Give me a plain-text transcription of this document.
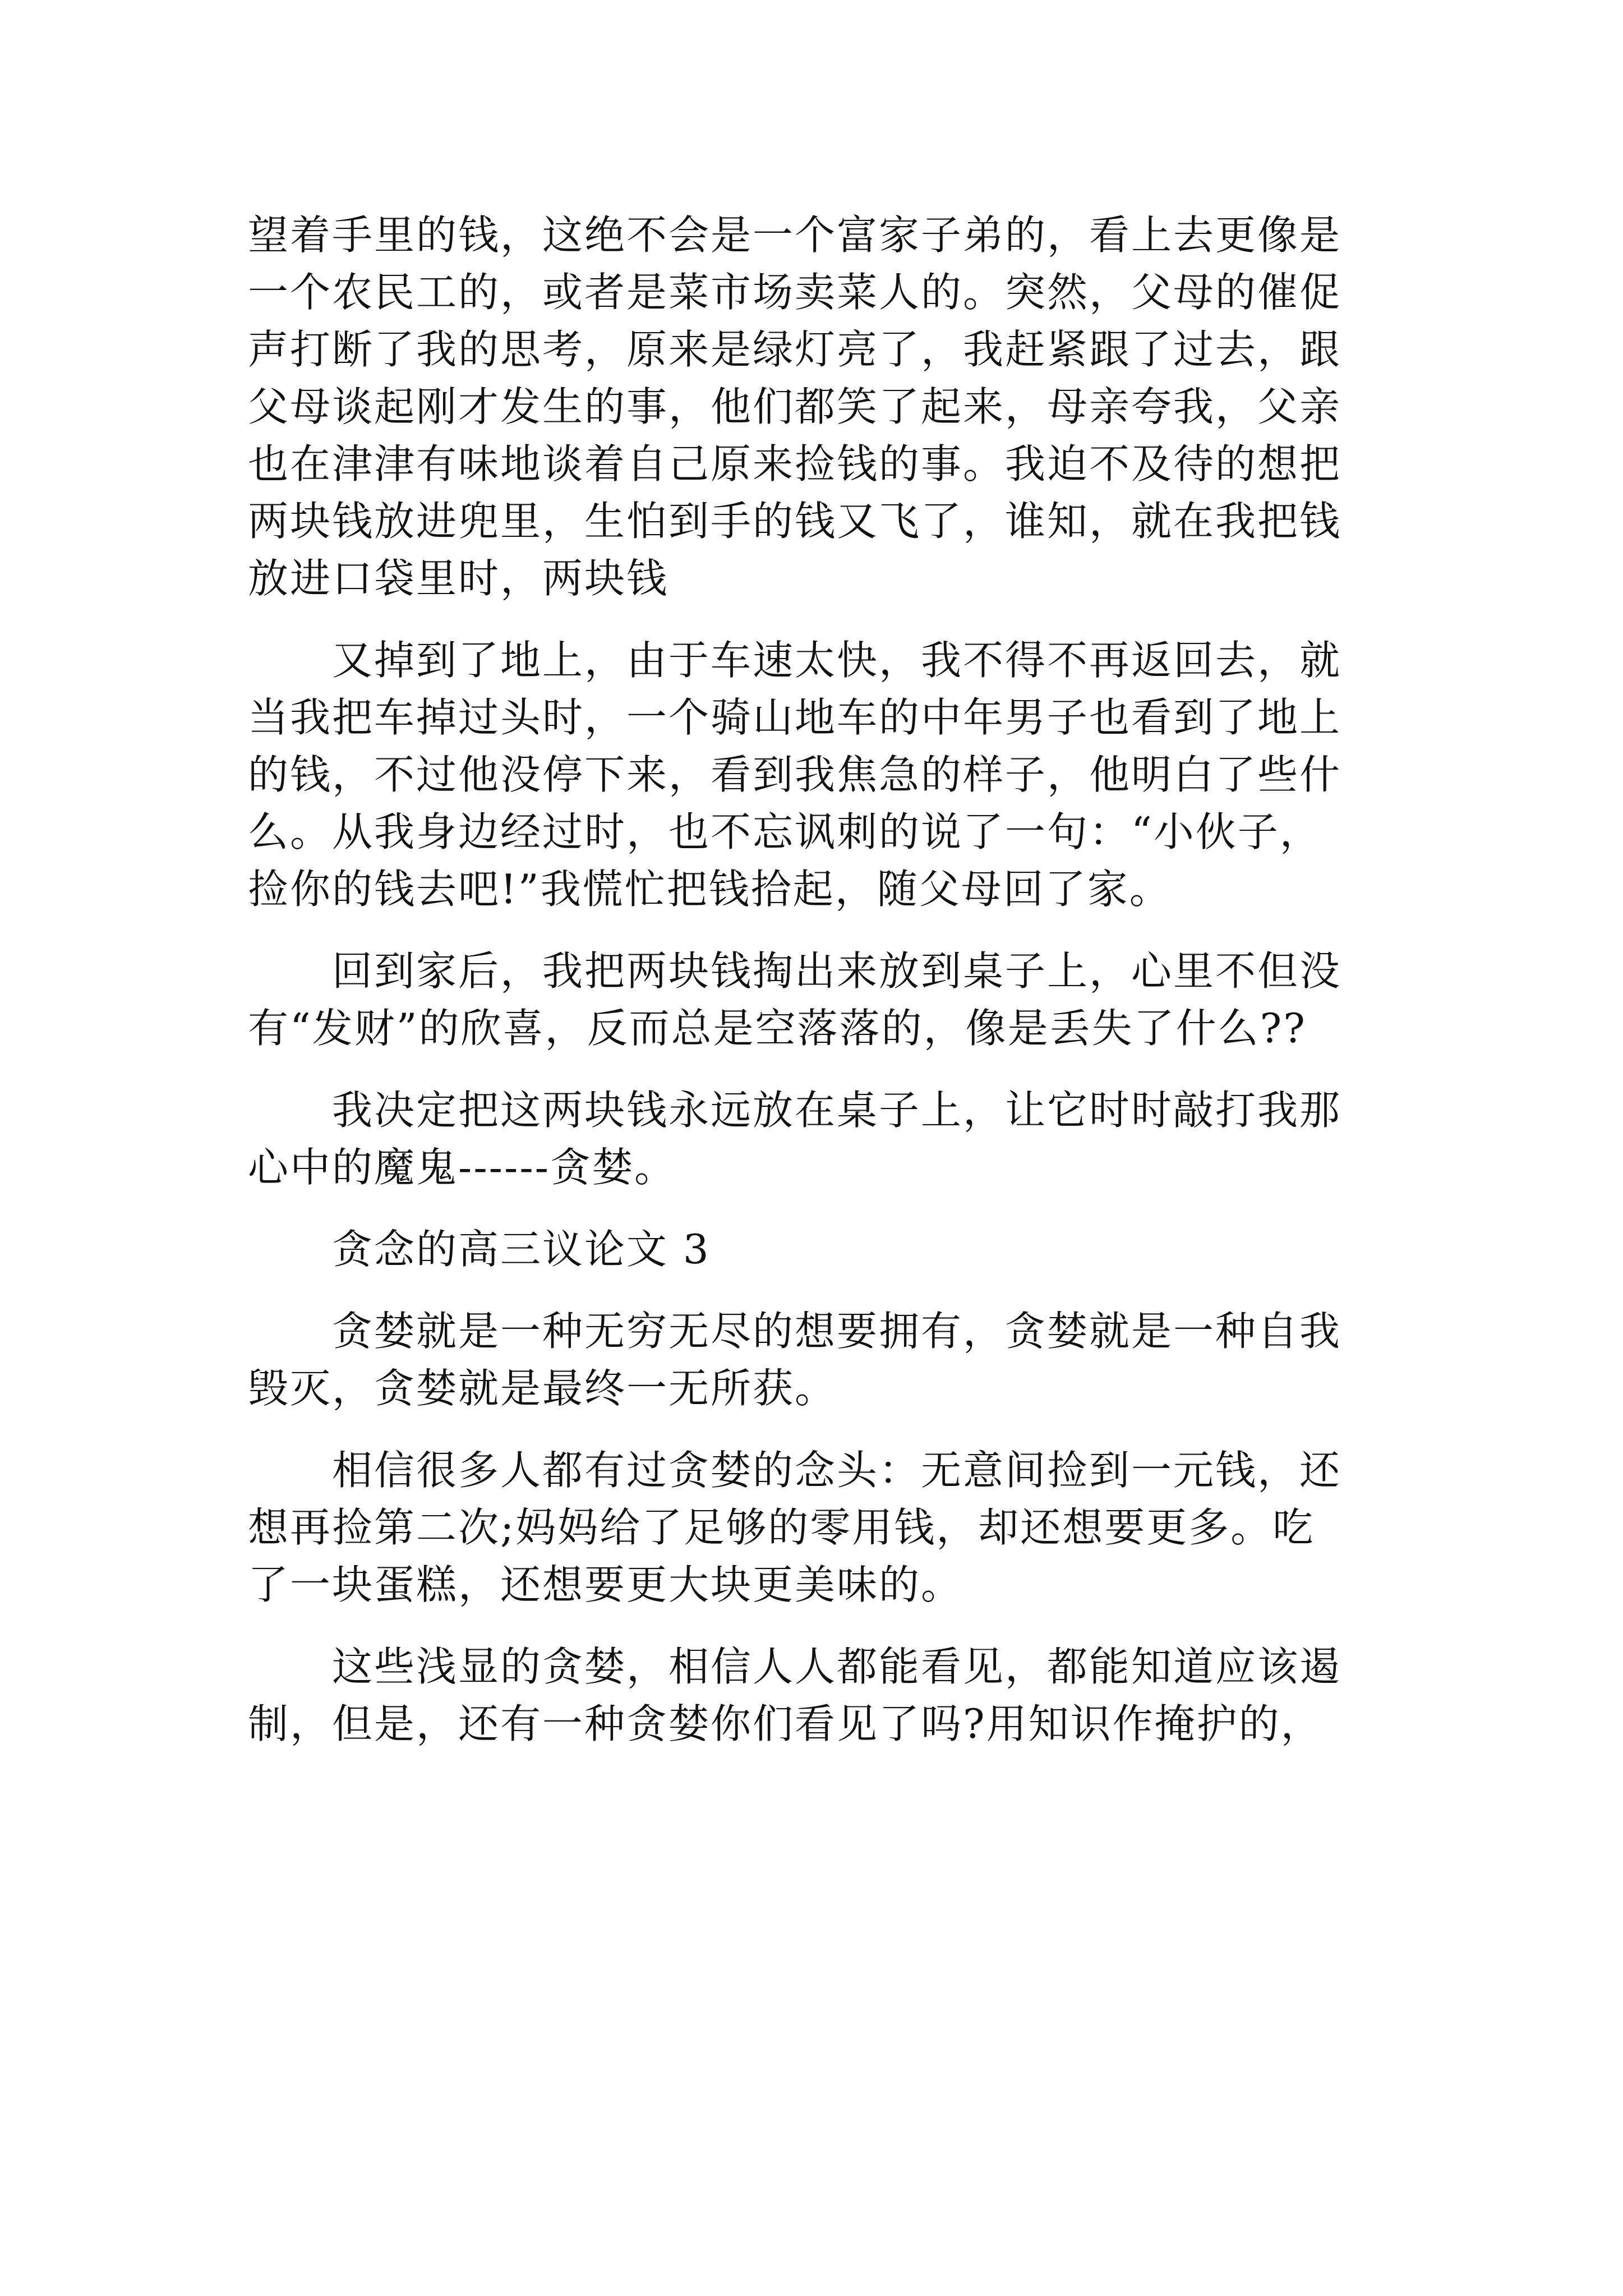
望着手里的钱，这绝不会是一个富家子弟的，看上去更像是
一个农民工的，或者是菜市场卖菜人的。突然，父母的催促
声打断了我的思考，原来是绿灯亮了，我赶紧跟了过去，跟
父母谈起刚才发生的事，他们都笑了起来，母亲夸我，父亲
也在津津有味地谈着自己原来捡钱的事。我迫不及待的想把
两块钱放进兜里，生怕到手的钱又飞了，谁知，就在我把钱
放进口袋里时，两块钱

又掉到了地上，由于车速太快，我不得不再返回去，就
当我把车掉过头时，一个骑山地车的中年男子也看到了地上
的钱，不过他没停下来，看到我焦急的样子，他明白了些什
么。从我身边经过时，也不忘讽刺的说了一句：“小伙子，
捡你的钱去吧!”我慌忙把钱拾起，随父母回了家。

回到家后，我把两块钱掏出来放到桌子上，心里不但没
有“发财”的欣喜，反而总是空落落的，像是丢失了什么??

我决定把这两块钱永远放在桌子上，让它时时敲打我那
心中的魔鬼------贪婪。

贪念的高三议论文 3

贪婪就是一种无穷无尽的想要拥有，贪婪就是一种自我
毁灭，贪婪就是最终一无所获。

相信很多人都有过贪婪的念头：无意间捡到一元钱，还
想再捡第二次;妈妈给了足够的零用钱，却还想要更多。吃
了一块蛋糕，还想要更大块更美味的。

这些浅显的贪婪，相信人人都能看见，都能知道应该遏
制，但是，还有一种贪婪你们看见了吗?用知识作掩护的，
